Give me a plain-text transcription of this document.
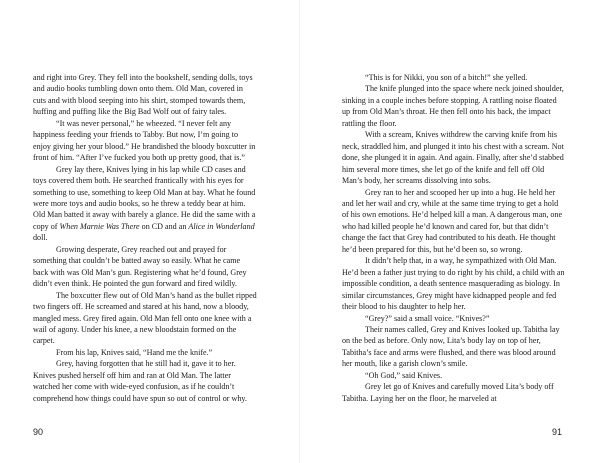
and right into Grey. They fell into the bookshelf, sending dolls, toys and audio books tumbling down onto them. Old Man, covered in cuts and with blood seeping into his shirt, stomped towards them, huffing and puffing like the Big Bad Wolf out of fairy tales.

“It was never personal,” he wheezed. “I never felt any happiness feeding your friends to Tabby. But now, I’m going to enjoy giving her your blood.” He brandished the bloody boxcutter in front of him. “After I’ve fucked you both up pretty good, that is.”

Grey lay there, Knives lying in his lap while CD cases and toys covered them both. He searched frantically with his eyes for something to use, something to keep Old Man at bay. What he found were more toys and audio books, so he threw a teddy bear at him. Old Man batted it away with barely a glance. He did the same with a copy of When Marnie Was There on CD and an Alice in Wonderland doll.

Growing desperate, Grey reached out and prayed for something that couldn’t be batted away so easily. What he came back with was Old Man’s gun. Registering what he’d found, Grey didn’t even think. He pointed the gun forward and fired wildly.

The boxcutter flew out of Old Man’s hand as the bullet ripped two fingers off. He screamed and stared at his hand, now a bloody, mangled mess. Grey fired again. Old Man fell onto one knee with a wail of agony. Under his knee, a new bloodstain formed on the carpet.

From his lap, Knives said, “Hand me the knife.”

Grey, having forgotten that he still had it, gave it to her. Knives pushed herself off him and ran at Old Man. The latter watched her come with wide-eyed confusion, as if he couldn’t comprehend how things could have spun so out of control or why.

90

“This is for Nikki, you son of a bitch!” she yelled.

The knife plunged into the space where neck joined shoulder, sinking in a couple inches before stopping. A rattling noise floated up from Old Man’s throat. He then fell onto his back, the impact rattling the floor.

With a scream, Knives withdrew the carving knife from his neck, straddled him, and plunged it into his chest with a scream. Not done, she plunged it in again. And again. Finally, after she’d stabbed him several more times, she let go of the knife and fell off Old Man’s body, her screams dissolving into sobs.

Grey ran to her and scooped her up into a hug. He held her and let her wail and cry, while at the same time trying to get a hold of his own emotions. He’d helped kill a man. A dangerous man, one who had killed people he’d known and cared for, but that didn’t change the fact that Grey had contributed to his death. He thought he’d been prepared for this, but he’d been so, so wrong.

It didn’t help that, in a way, he sympathized with Old Man. He’d been a father just trying to do right by his child, a child with an impossible condition, a death sentence masquerading as biology. In similar circumstances, Grey might have kidnapped people and fed their blood to his daughter to help her.

“Grey?” said a small voice. “Knives?”

Their names called, Grey and Knives looked up. Tabitha lay on the bed as before. Only now, Lita’s body lay on top of her, Tabitha’s face and arms were flushed, and there was blood around her mouth, like a garish clown’s smile.

“Oh God,” said Knives.

Grey let go of Knives and carefully moved Lita’s body off Tabitha. Laying her on the floor, he marveled at

91
